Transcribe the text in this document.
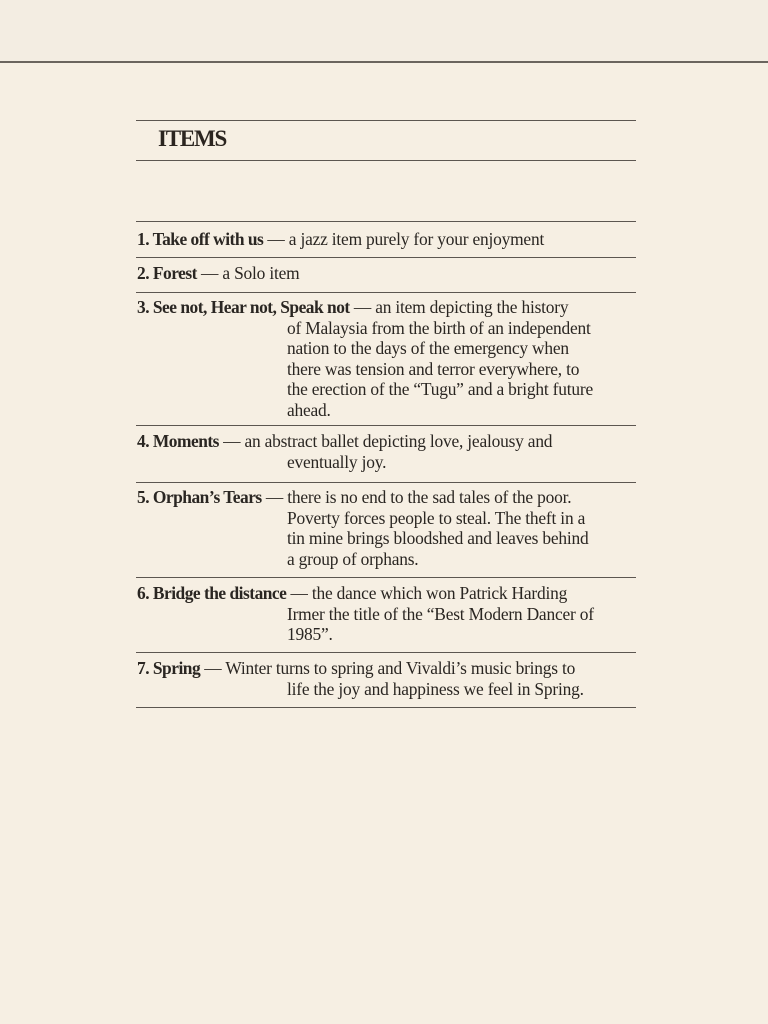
ITEMS
1. Take off with us — a jazz item purely for your enjoyment
2. Forest — a Solo item
3. See not, Hear not, Speak not — an item depicting the history
of Malaysia from the birth of an independent
nation to the days of the emergency when
there was tension and terror everywhere, to
the erection of the “Tugu” and a bright future
ahead.
4. Moments — an abstract ballet depicting love, jealousy and
eventually joy.
5. Orphan’s Tears — there is no end to the sad tales of the poor.
Poverty forces people to steal. The theft in a
tin mine brings bloodshed and leaves behind
a group of orphans.
6. Bridge the distance — the dance which won Patrick Harding
Irmer the title of the “Best Modern Dancer of
1985”.
7. Spring — Winter turns to spring and Vivaldi’s music brings to
life the joy and happiness we feel in Spring.
